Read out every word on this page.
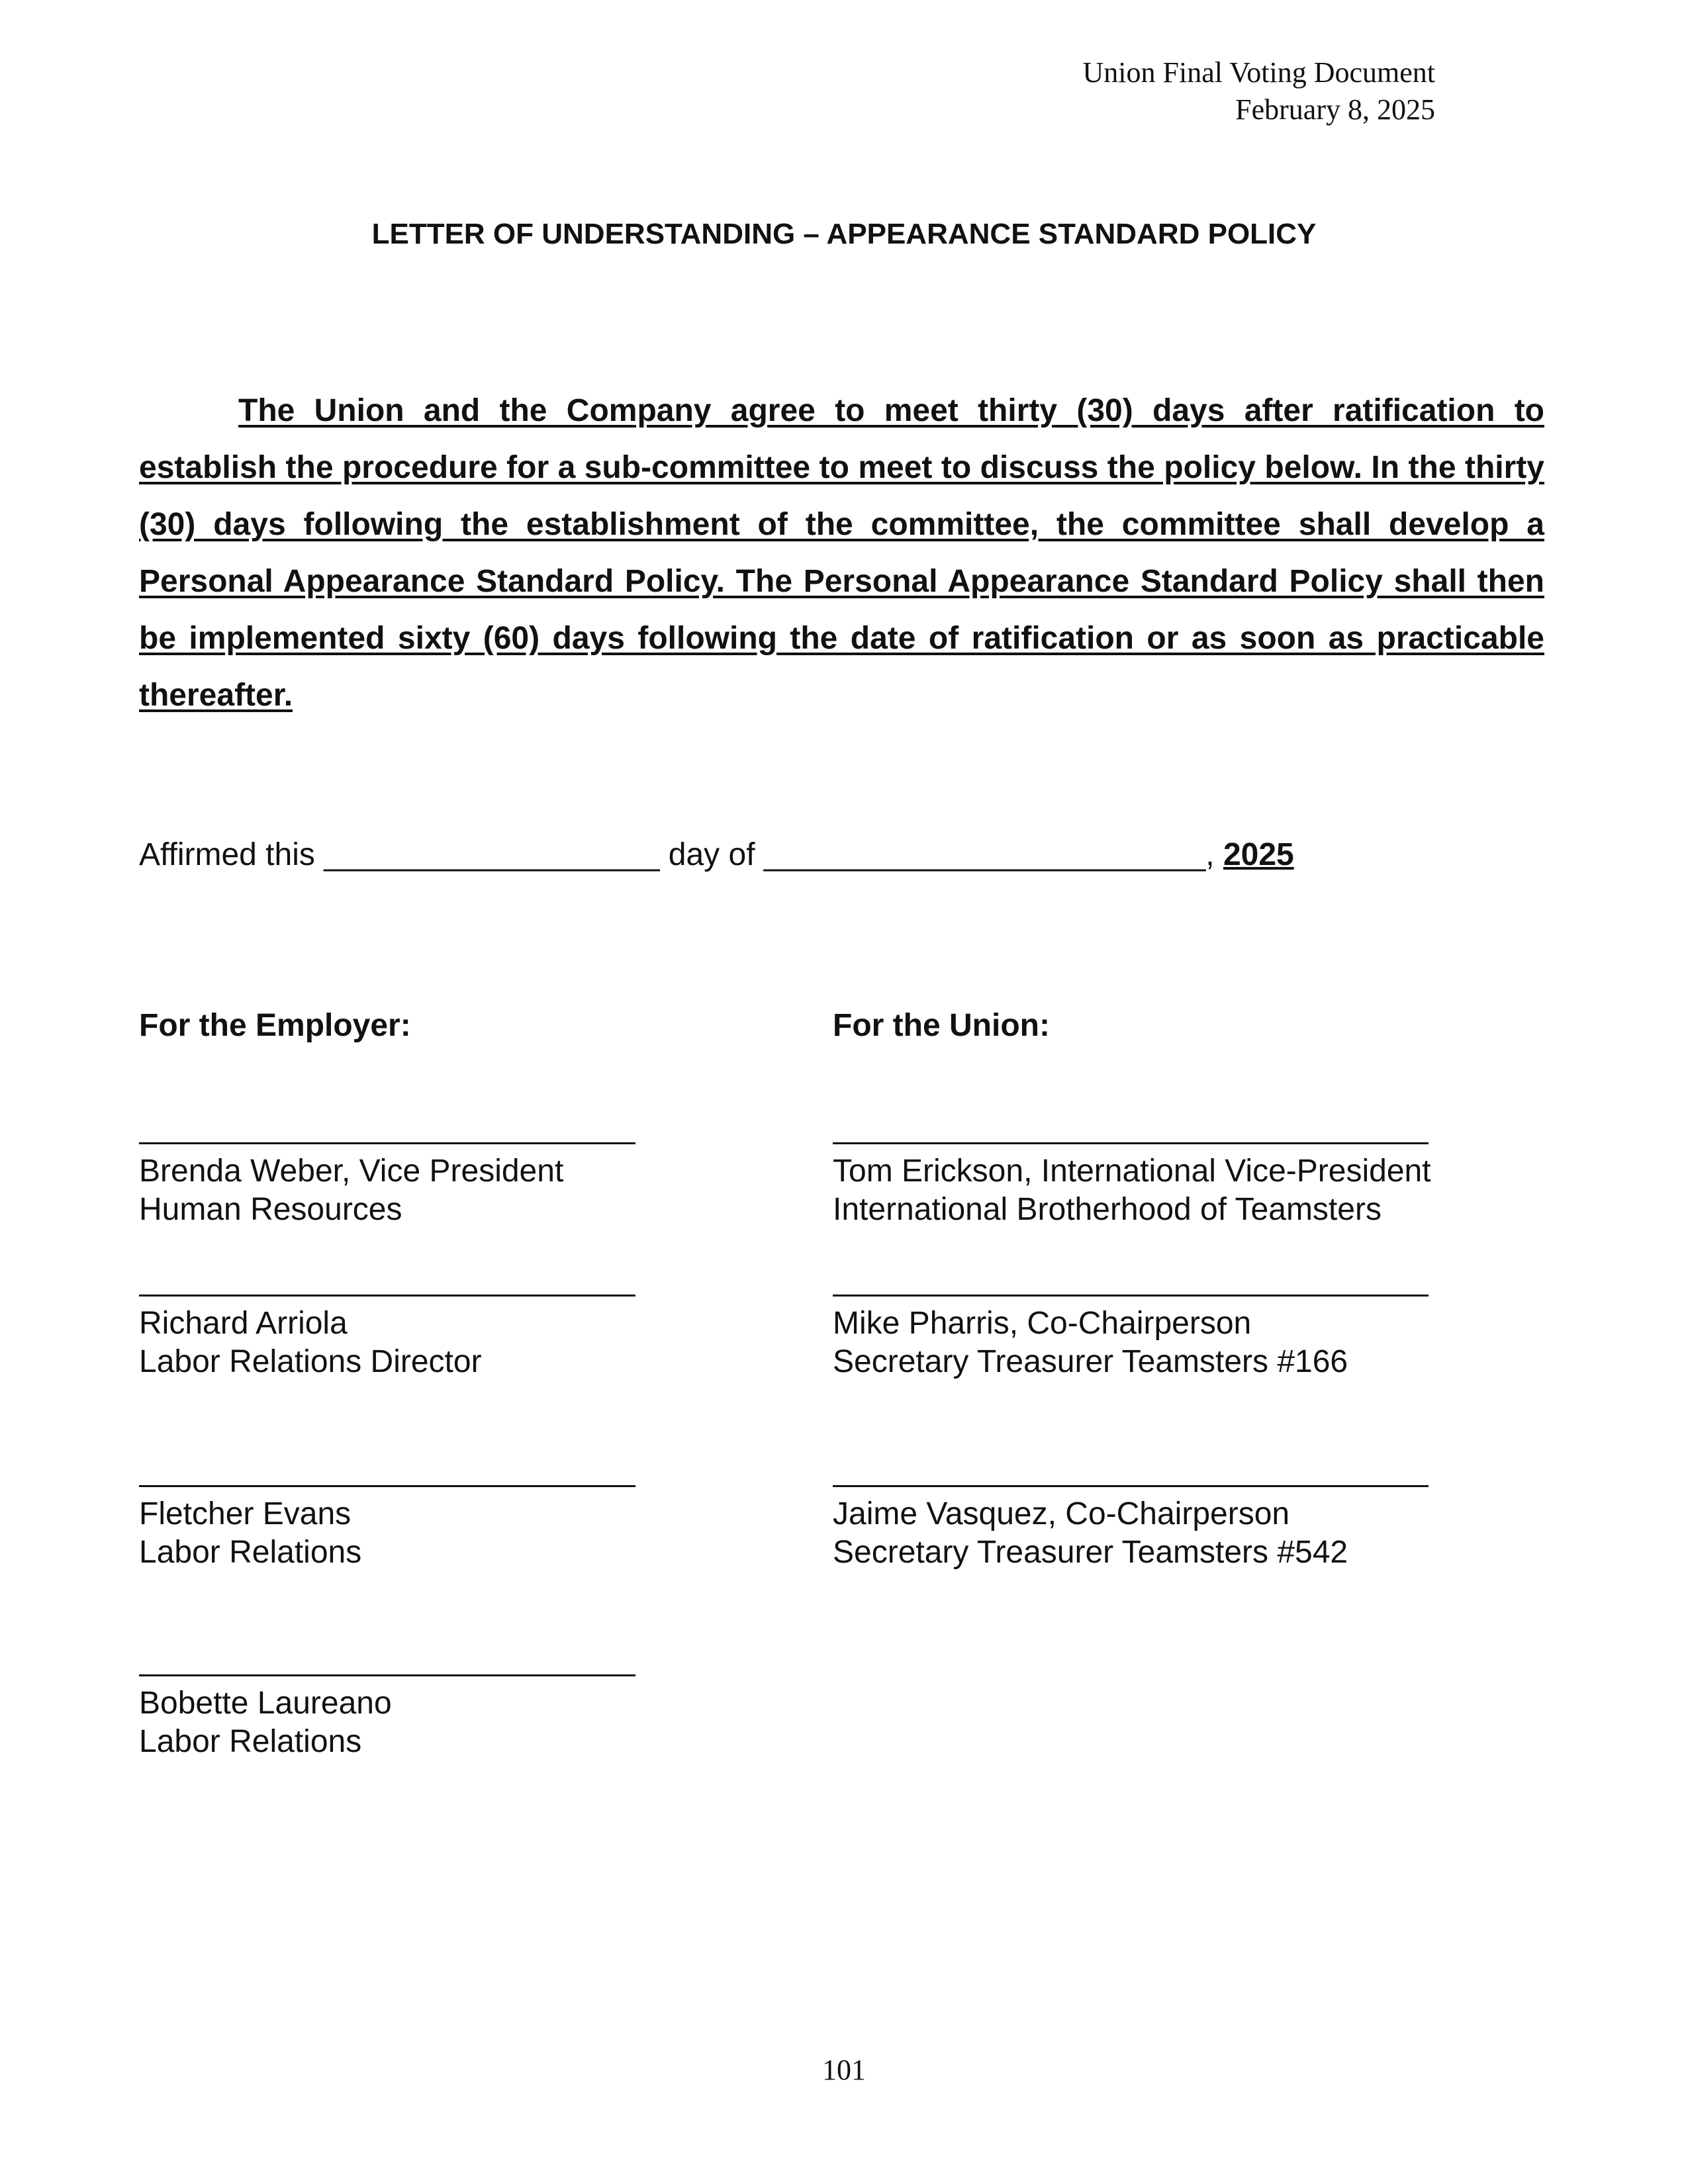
Union Final Voting Document
February 8, 2025
LETTER OF UNDERSTANDING – APPEARANCE STANDARD POLICY
The Union and the Company agree to meet thirty (30) days after ratification to establish the procedure for a sub-committee to meet to discuss the policy below. In the thirty (30) days following the establishment of the committee, the committee shall develop a Personal Appearance Standard Policy. The Personal Appearance Standard Policy shall then be implemented sixty (60) days following the date of ratification or as soon as practicable thereafter.
Affirmed this ___________________ day of _________________________, 2025
For the Employer:	For the Union:
Brenda Weber, Vice President
Human Resources
Richard Arriola
Labor Relations Director
Fletcher Evans
Labor Relations
Bobette Laureano
Labor Relations
Tom Erickson, International Vice-President
International Brotherhood of Teamsters
Mike Pharris, Co-Chairperson
Secretary Treasurer Teamsters #166
Jaime Vasquez, Co-Chairperson
Secretary Treasurer Teamsters #542
101
